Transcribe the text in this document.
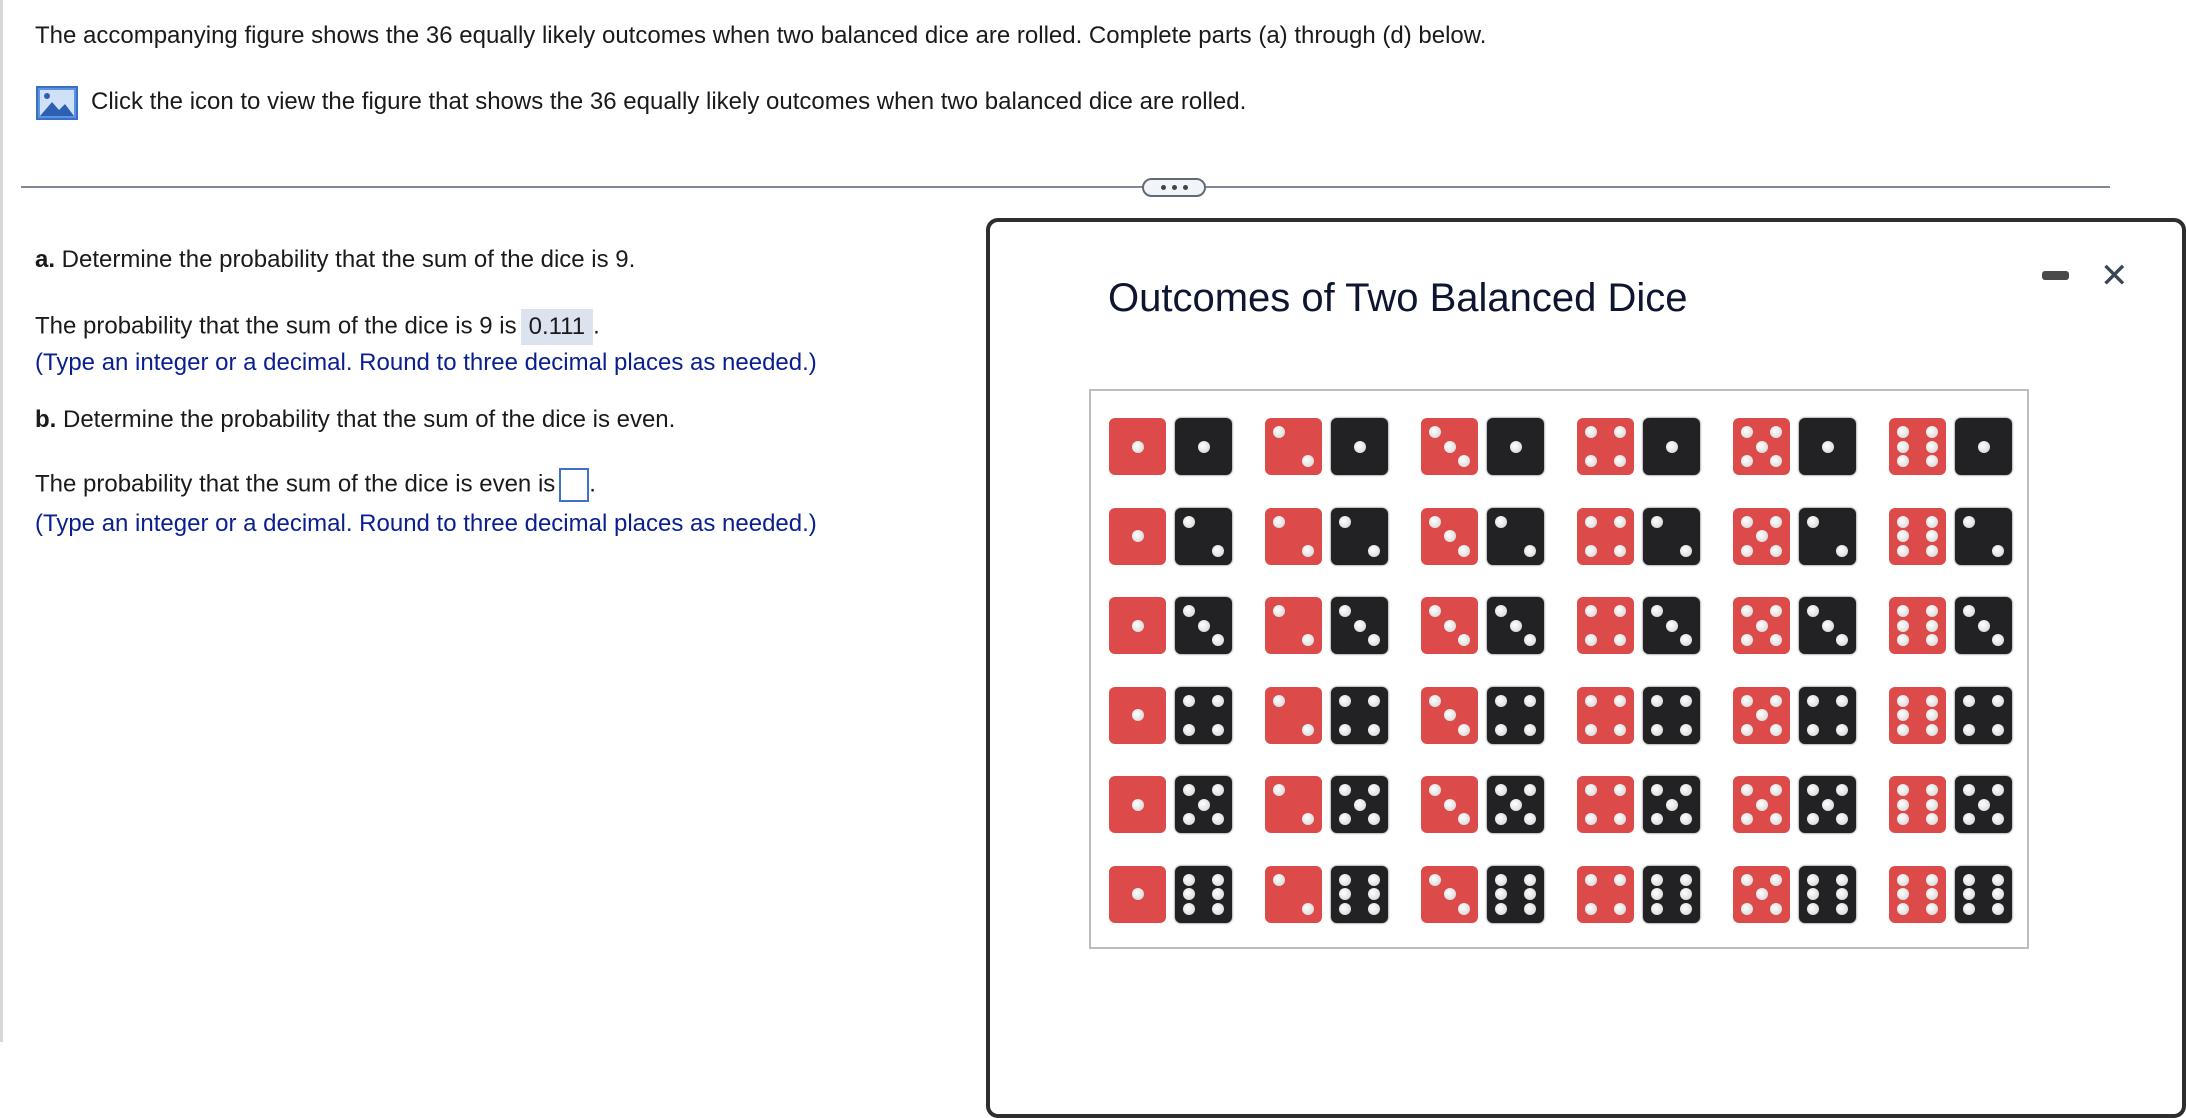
The accompanying figure shows the 36 equally likely outcomes when two balanced dice are rolled. Complete parts (a) through (d) below.
Click the icon to view the figure that shows the 36 equally likely outcomes when two balanced dice are rolled.
a. Determine the probability that the sum of the dice is 9.
The probability that the sum of the dice is 9 is 0.111 .
(Type an integer or a decimal. Round to three decimal places as needed.)
b. Determine the probability that the sum of the dice is even.
The probability that the sum of the dice is even is .
(Type an integer or a decimal. Round to three decimal places as needed.)
Outcomes of Two Balanced Dice	✕
